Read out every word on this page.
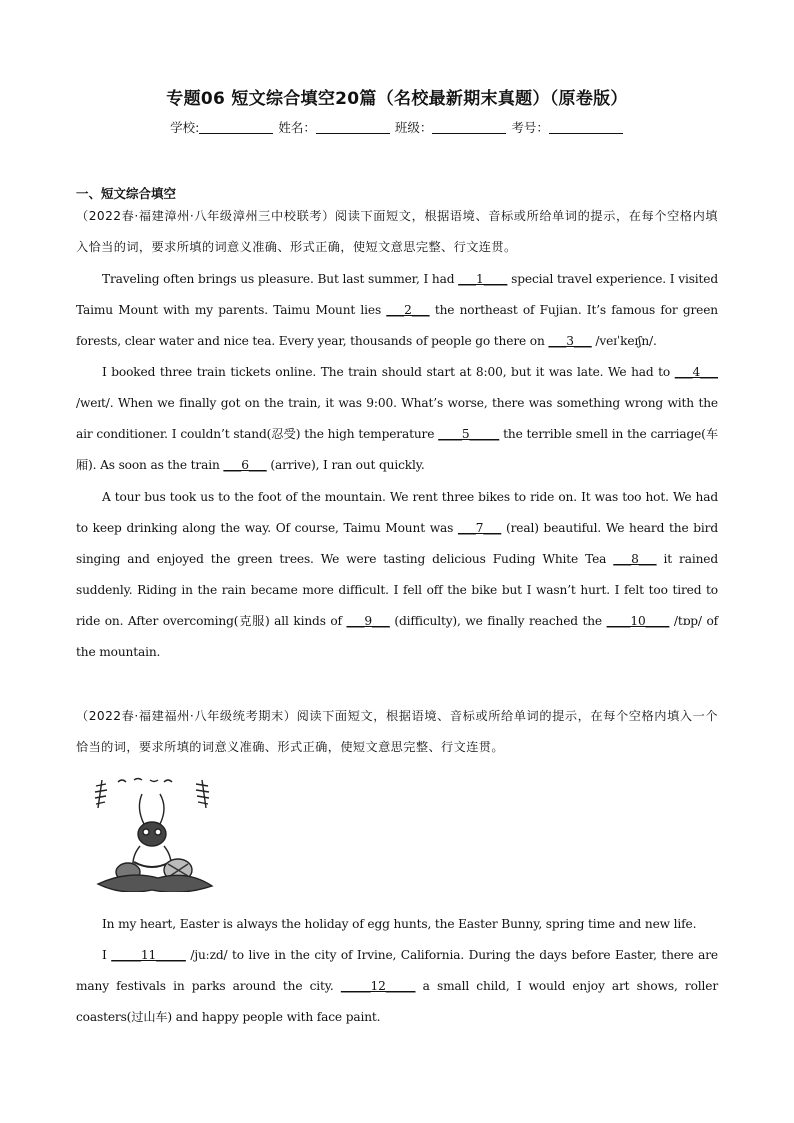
专题06 短文综合填空20篇（名校最新期末真题）（原卷版）
学校:	姓名：	班级：	考号：
一、短文综合填空

（2022春·福建漳州·八年级漳州三中校联考）阅读下面短文，根据语境、音标或所给单词的提示，在每个空格内填入恰当的词，要求所填的词意义准确、形式正确，使短文意思完整、行文连贯。

Traveling often brings us pleasure. But last summer, I had ___1____ special travel experience. I visited Taimu Mount with my parents. Taimu Mount lies ___2___ the northeast of Fujian. It’s famous for green forests, clear water and nice tea. Every year, thousands of people go there on ___3___ /veɪˈkeɪʃn/.

I booked three train tickets online. The train should start at 8:00, but it was late. We had to ___4___ /weɪt/. When we finally got on the train, it was 9:00. What’s worse, there was something wrong with the air conditioner. I couldn’t stand(忍受) the high temperature ____5_____ the terrible smell in the carriage(车厢). As soon as the train ___6___ (arrive), I ran out quickly.

A tour bus took us to the foot of the mountain. We rent three bikes to ride on. It was too hot. We had to keep drinking along the way. Of course, Taimu Mount was ___7___ (real) beautiful. We heard the bird singing and enjoyed the green trees. We were tasting delicious Fuding White Tea ___8___ it rained suddenly. Riding in the rain became more difficult. I fell off the bike but I wasn’t hurt. I felt too tired to ride on. After overcoming(克服) all kinds of ___9___ (difficulty), we finally reached the ____10____ /tɒp/ of the mountain.

（2022春·福建福州·八年级统考期末）阅读下面短文，根据语境、音标或所给单词的提示，在每个空格内填入一个恰当的词，要求所填的词意义准确、形式正确，使短文意思完整、行文连贯。

In my heart, Easter is always the holiday of egg hunts, the Easter Bunny, spring time and new life.

I _____11_____ /juːzd/ to live in the city of Irvine, California. During the days before Easter, there are many festivals in parks around the city. _____12_____ a small child, I would enjoy art shows, roller coasters(过山车) and happy people with face paint.
